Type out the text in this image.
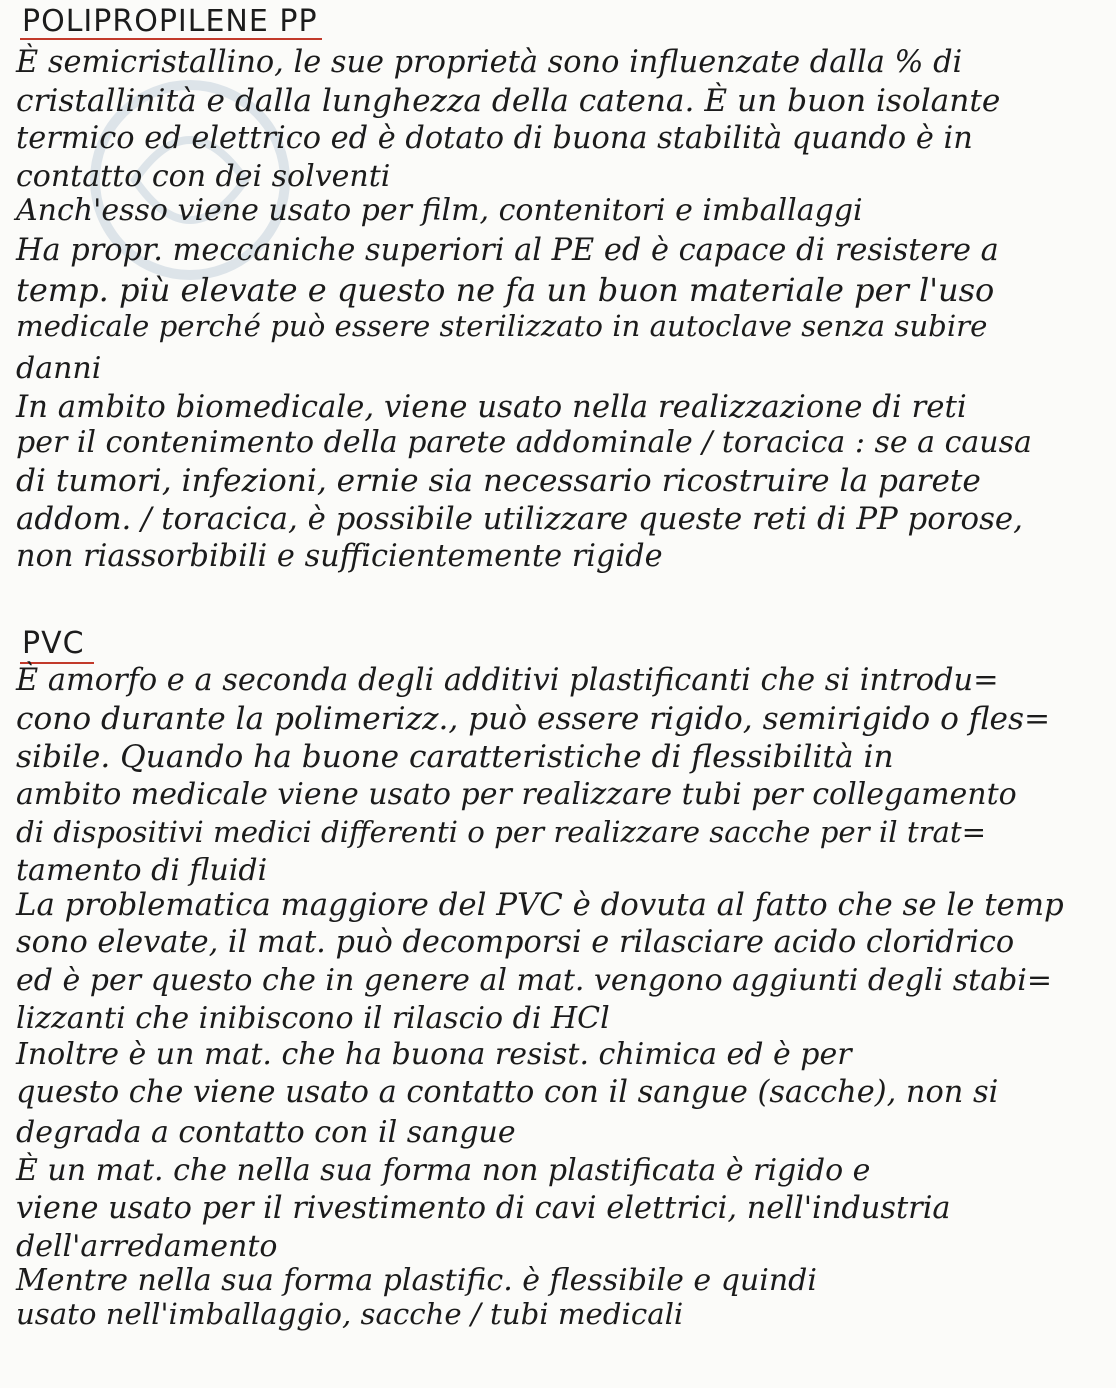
POLIPROPILENE PP
È semicristallino, le sue proprietà sono influenzate dalla % di
cristallinità e dalla lunghezza della catena. È un buon isolante
termico ed elettrico ed è dotato di buona stabilità quando è in
contatto con dei solventi
Anch'esso viene usato per film, contenitori e imballaggi
Ha propr. meccaniche superiori al PE ed è capace di resistere a
temp. più elevate e questo ne fa un buon materiale per l'uso
medicale perché può essere sterilizzato in autoclave senza subire
danni
In ambito biomedicale, viene usato nella realizzazione di reti
per il contenimento della parete addominale / toracica : se a causa
di tumori, infezioni, ernie sia necessario ricostruire la parete
addom. / toracica, è possibile utilizzare queste reti di PP porose,
non riassorbibili e sufficientemente rigide
PVC
È amorfo e a seconda degli additivi plastificanti che si introdu=
cono durante la polimerizz., può essere rigido, semirigido o fles=
sibile. Quando ha buone caratteristiche di flessibilità in
ambito medicale viene usato per realizzare tubi per collegamento
di dispositivi medici differenti o per realizzare sacche per il trat=
tamento di fluidi
La problematica maggiore del PVC è dovuta al fatto che se le temp
sono elevate, il mat. può decomporsi e rilasciare acido cloridrico
ed è per questo che in genere al mat. vengono aggiunti degli stabi=
lizzanti che inibiscono il rilascio di HCl
Inoltre è un mat. che ha buona resist. chimica ed è per
questo che viene usato a contatto con il sangue (sacche), non si
degrada a contatto con il sangue
È un mat. che nella sua forma non plastificata è rigido e
viene usato per il rivestimento di cavi elettrici, nell'industria
dell'arredamento
Mentre nella sua forma plastific. è flessibile e quindi
usato nell'imballaggio, sacche / tubi medicali
